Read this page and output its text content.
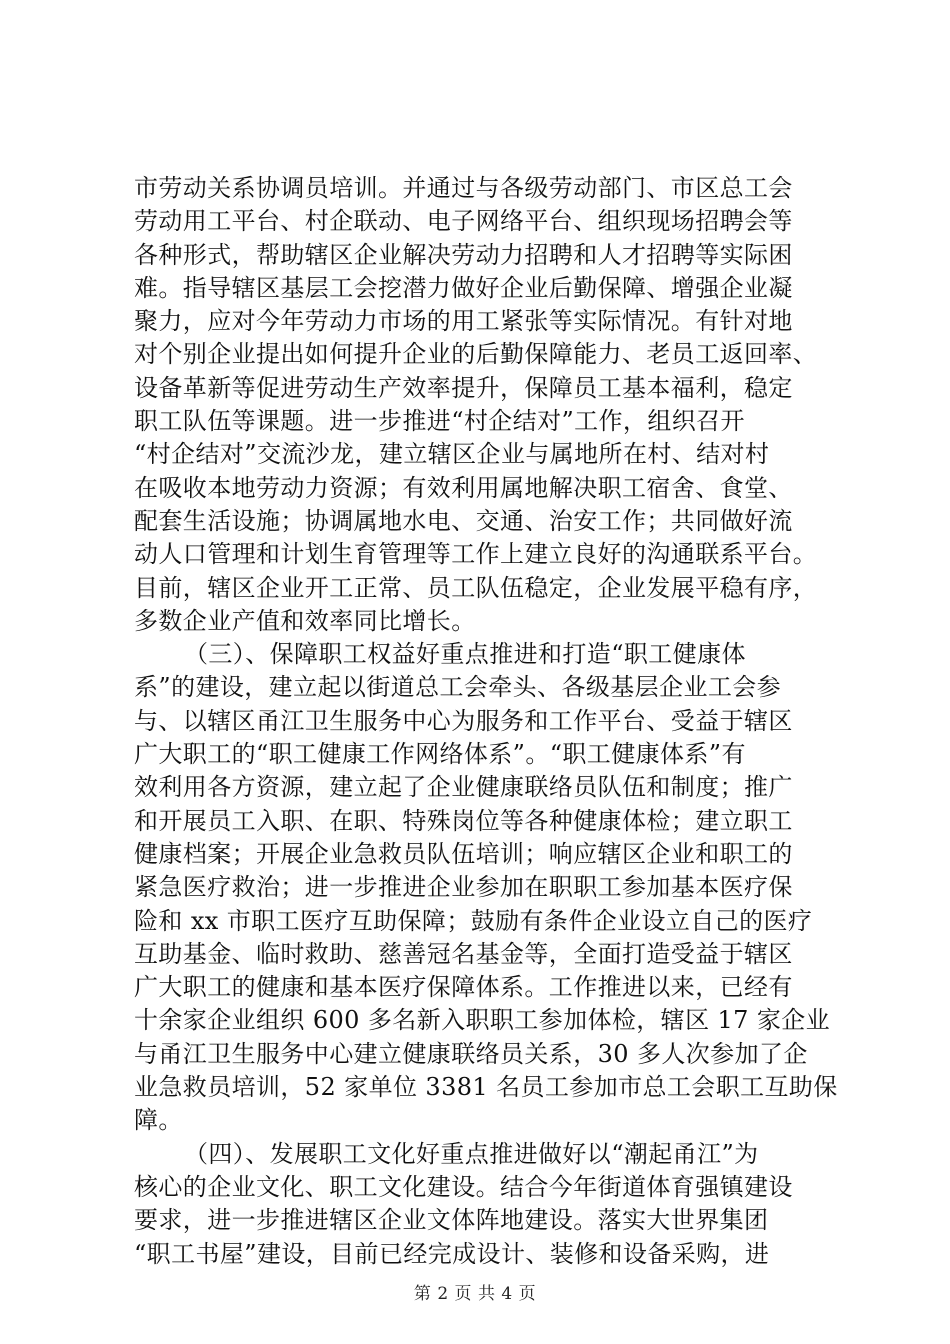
市劳动关系协调员培训。并通过与各级劳动部门、市区总工会
劳动用工平台、村企联动、电子网络平台、组织现场招聘会等
各种形式，帮助辖区企业解决劳动力招聘和人才招聘等实际困
难。指导辖区基层工会挖潜力做好企业后勤保障、增强企业凝
聚力，应对今年劳动力市场的用工紧张等实际情况。有针对地
对个别企业提出如何提升企业的后勤保障能力、老员工返回率、
设备革新等促进劳动生产效率提升，保障员工基本福利，稳定
职工队伍等课题。进一步推进“村企结对”工作，组织召开
“村企结对”交流沙龙，建立辖区企业与属地所在村、结对村
在吸收本地劳动力资源；有效利用属地解决职工宿舍、食堂、
配套生活设施；协调属地水电、交通、治安工作；共同做好流
动人口管理和计划生育管理等工作上建立良好的沟通联系平台。
目前，辖区企业开工正常、员工队伍稳定，企业发展平稳有序，
多数企业产值和效率同比增长。
（三）、保障职工权益好重点推进和打造“职工健康体
系”的建设，建立起以街道总工会牵头、各级基层企业工会参
与、以辖区甬江卫生服务中心为服务和工作平台、受益于辖区
广大职工的“职工健康工作网络体系”。“职工健康体系”有
效利用各方资源，建立起了企业健康联络员队伍和制度；推广
和开展员工入职、在职、特殊岗位等各种健康体检；建立职工
健康档案；开展企业急救员队伍培训；响应辖区企业和职工的
紧急医疗救治；进一步推进企业参加在职职工参加基本医疗保
险和 xx 市职工医疗互助保障；鼓励有条件企业设立自己的医疗
互助基金、临时救助、慈善冠名基金等，全面打造受益于辖区
广大职工的健康和基本医疗保障体系。工作推进以来，已经有
十余家企业组织 600 多名新入职职工参加体检，辖区 17 家企业
与甬江卫生服务中心建立健康联络员关系，30 多人次参加了企
业急救员培训，52 家单位 3381 名员工参加市总工会职工互助保
障。
（四）、发展职工文化好重点推进做好以“潮起甬江”为
核心的企业文化、职工文化建设。结合今年街道体育强镇建设
要求，进一步推进辖区企业文体阵地建设。落实大世界集团
“职工书屋”建设，目前已经完成设计、装修和设备采购，进
第 2 页 共 4 页
